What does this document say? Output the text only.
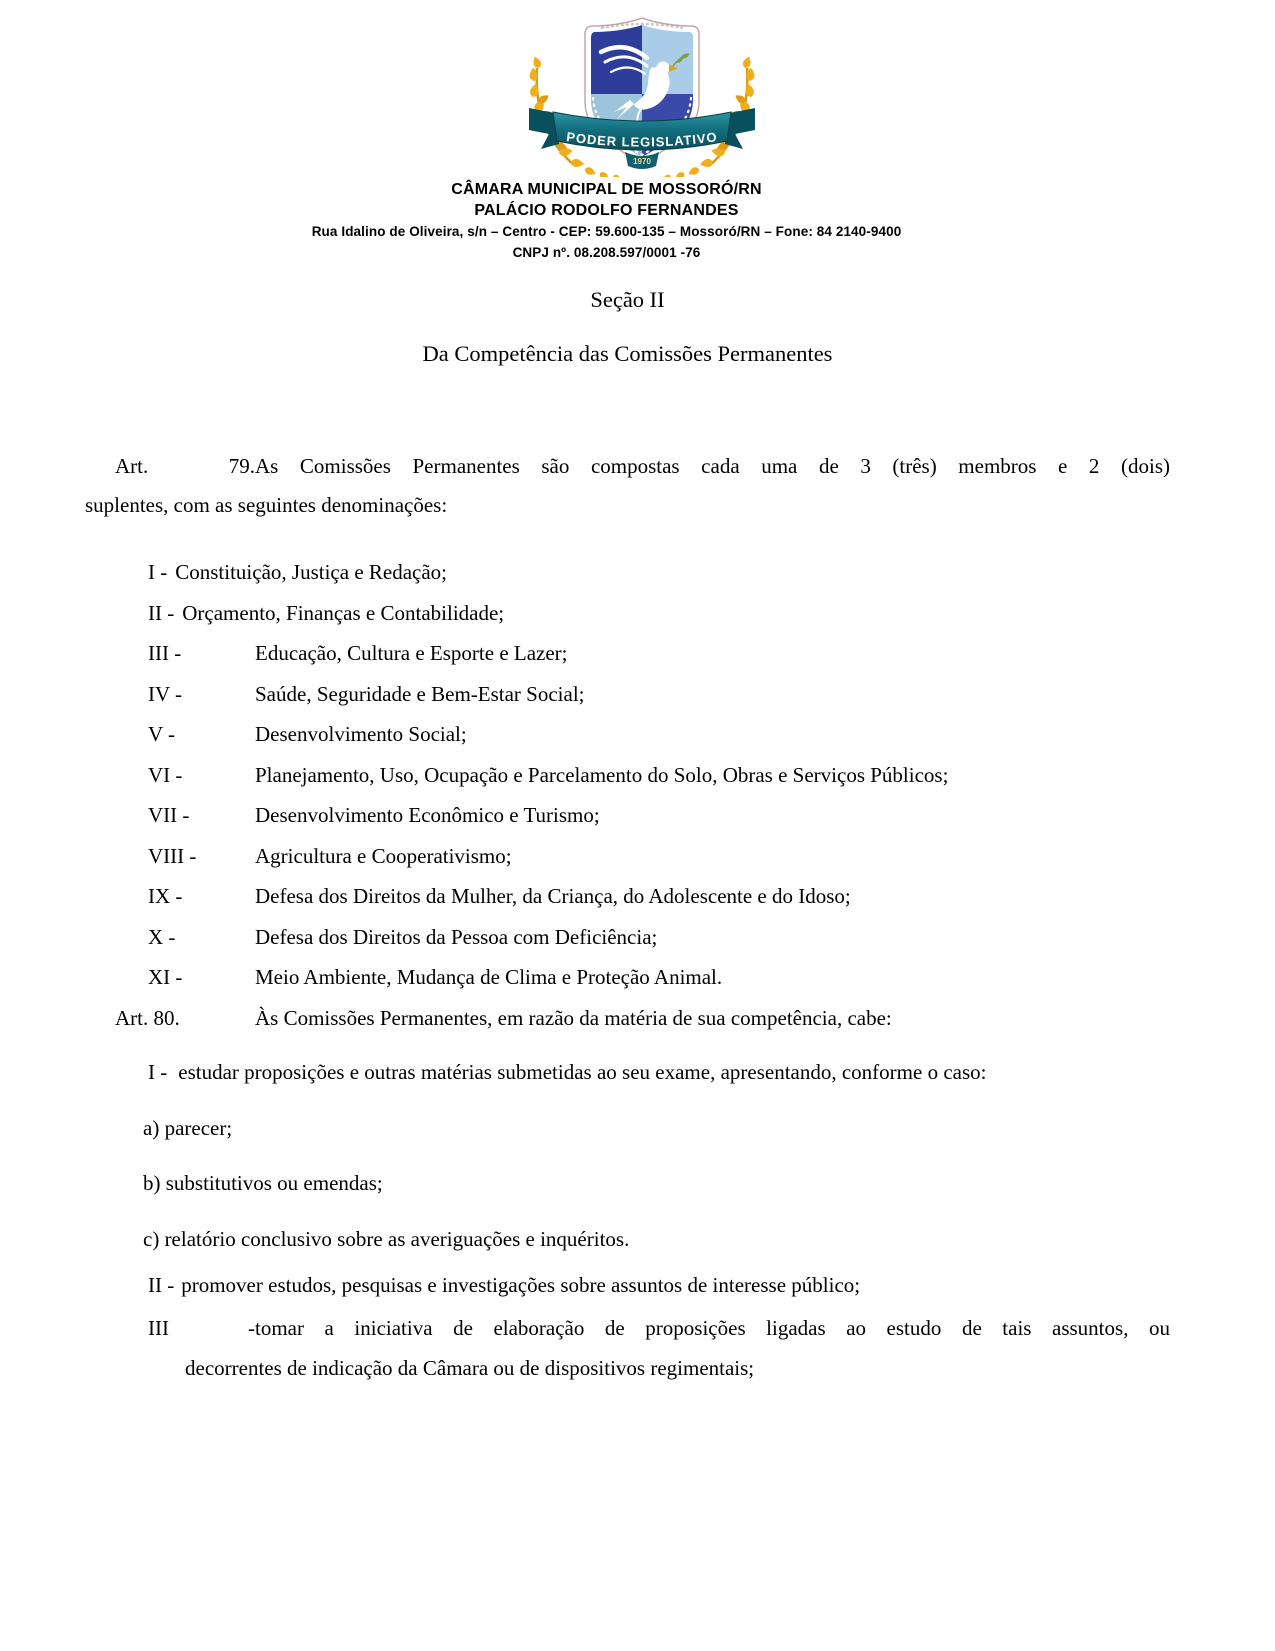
PODER LEGISLATIVO
1970
CÂMARA MUNICIPAL DE MOSSORÓ/RN
PALÁCIO RODOLFO FERNANDES
Rua Idalino de Oliveira, s/n – Centro - CEP: 59.600-135 – Mossoró/RN – Fone: 84 2140-9400
CNPJ nº. 08.208.597/0001 -76
Seção II
Da Competência das Comissões Permanentes

Art. 79.As Comissões Permanentes são compostas cada uma de 3 (três) membros e 2 (dois)

suplentes, com as seguintes denominações:

I - Constituição, Justiça e Redação;

II - Orçamento, Finanças e Contabilidade;

III -	Educação, Cultura e Esporte e Lazer;

IV -	Saúde, Seguridade e Bem-Estar Social;

V -	Desenvolvimento Social;

VI -	Planejamento, Uso, Ocupação e Parcelamento do Solo, Obras e Serviços Públicos;

VII -	Desenvolvimento Econômico e Turismo;

VIII -	Agricultura e Cooperativismo;

IX -	Defesa dos Direitos da Mulher, da Criança, do Adolescente e do Idoso;

X -	Defesa dos Direitos da Pessoa com Deficiência;

XI -	Meio Ambiente, Mudança de Clima e Proteção Animal.

Art. 80.	Às Comissões Permanentes, em razão da matéria de sua competência, cabe:

I - estudar proposições e outras matérias submetidas ao seu exame, apresentando, conforme o caso:

a) parecer;

b) substitutivos ou emendas;

c) relatório conclusivo sobre as averiguações e inquéritos.

II - promover estudos, pesquisas e investigações sobre assuntos de interesse público;

III -tomar a iniciativa de elaboração de proposições ligadas ao estudo de tais assuntos, ou

decorrentes de indicação da Câmara ou de dispositivos regimentais;
